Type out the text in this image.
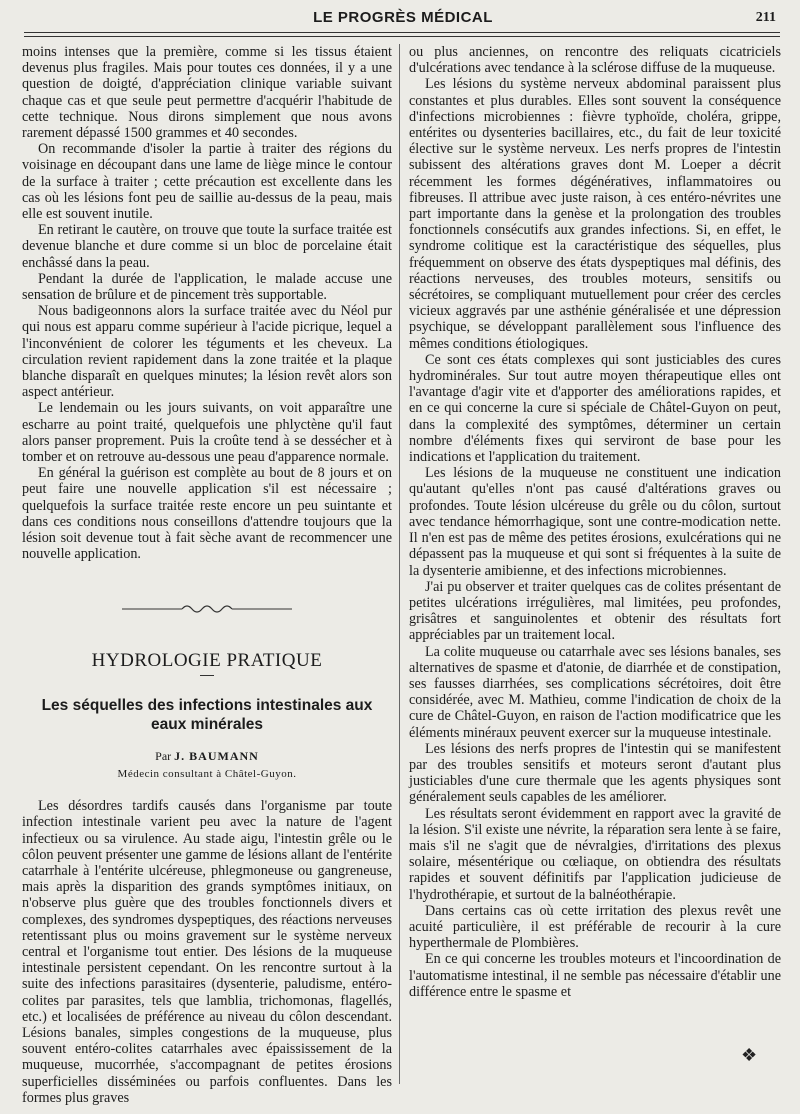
LE PROGRÈS MÉDICAL	211

moins intenses que la première, comme si les tissus étaient devenus plus fragiles. Mais pour toutes ces données, il y a une question de doigté, d'appréciation clinique variable suivant chaque cas et que seule peut permettre d'acquérir l'habitude de cette technique. Nous dirons simplement que nous avons rarement dépassé 1500 grammes et 40 secondes.

On recommande d'isoler la partie à traiter des régions du voisinage en découpant dans une lame de liège mince le contour de la surface à traiter ; cette précaution est excellente dans les cas où les lésions font peu de saillie au-dessus de la peau, mais elle est souvent inutile.

En retirant le cautère, on trouve que toute la surface traitée est devenue blanche et dure comme si un bloc de porcelaine était enchâssé dans la peau.

Pendant la durée de l'application, le malade accuse une sensation de brûlure et de pincement très supportable.

Nous badigeonnons alors la surface traitée avec du Néol pur qui nous est apparu comme supérieur à l'acide picrique, lequel a l'inconvénient de colorer les téguments et les cheveux. La circulation revient rapidement dans la zone traitée et la plaque blanche disparaît en quelques minutes; la lésion revêt alors son aspect antérieur.

Le lendemain ou les jours suivants, on voit apparaître une escharre au point traité, quelquefois une phlyctène qu'il faut alors panser proprement. Puis la croûte tend à se dessécher et à tomber et on retrouve au-dessous une peau d'apparence normale.

En général la guérison est complète au bout de 8 jours et on peut faire une nouvelle application s'il est nécessaire ; quelquefois la surface traitée reste encore un peu suintante et dans ces conditions nous conseillons d'attendre toujours que la lésion soit devenue tout à fait sèche avant de recommencer une nouvelle application.

HYDROLOGIE PRATIQUE
Les séquelles des infections intestinales aux eaux minérales
Par J. BAUMANN
Médecin consultant à Châtel-Guyon.

Les désordres tardifs causés dans l'organisme par toute infection intestinale varient peu avec la nature de l'agent infectieux ou sa virulence. Au stade aigu, l'intestin grêle ou le côlon peuvent présenter une gamme de lésions allant de l'entérite catarrhale à l'entérite ulcéreuse, phlegmoneuse ou gangreneuse, mais après la disparition des grands symptômes initiaux, on n'observe plus guère que des troubles fonctionnels divers et complexes, des syndromes dyspeptiques, des réactions nerveuses retentissant plus ou moins gravement sur le système nerveux central et l'organisme tout entier. Des lésions de la muqueuse intestinale persistent cependant. On les rencontre surtout à la suite des infections parasitaires (dysenterie, paludisme, entéro-colites par parasites, tels que lamblia, trichomonas, flagellés, etc.) et localisées de préférence au niveau du côlon descendant. Lésions banales, simples congestions de la muqueuse, plus souvent entéro-colites catarrhales avec épaississement de la muqueuse, mucorrhée, s'accompagnant de petites érosions superficielles disséminées ou parfois confluentes. Dans les formes plus graves

ou plus anciennes, on rencontre des reliquats cicatriciels d'ulcérations avec tendance à la sclérose diffuse de la muqueuse.

Les lésions du système nerveux abdominal paraissent plus constantes et plus durables. Elles sont souvent la conséquence d'infections microbiennes : fièvre typhoïde, choléra, grippe, entérites ou dysenteries bacillaires, etc., du fait de leur toxicité élective sur le système nerveux. Les nerfs propres de l'intestin subissent des altérations graves dont M. Loeper a décrit récemment les formes dégénératives, inflammatoires ou fibreuses. Il attribue avec juste raison, à ces entéro-névrites une part importante dans la genèse et la prolongation des troubles fonctionnels consécutifs aux grandes infections. Si, en effet, le syndrome colitique est la caractéristique des séquelles, plus fréquemment on observe des états dyspeptiques mal définis, des réactions nerveuses, des troubles moteurs, sensitifs ou sécrétoires, se compliquant mutuellement pour créer des cercles vicieux aggravés par une asthénie généralisée et une dépression psychique, se développant parallèlement sous l'influence des mêmes conditions étiologiques.

Ce sont ces états complexes qui sont justiciables des cures hydrominérales. Sur tout autre moyen thérapeutique elles ont l'avantage d'agir vite et d'apporter des améliorations rapides, et en ce qui concerne la cure si spéciale de Châtel-Guyon on peut, dans la complexité des symptômes, déterminer un certain nombre d'éléments fixes qui serviront de base pour les indications et l'application du traitement.

Les lésions de la muqueuse ne constituent une indication qu'autant qu'elles n'ont pas causé d'altérations graves ou profondes. Toute lésion ulcéreuse du grêle ou du côlon, surtout avec tendance hémorrhagique, sont une contre-modication nette. Il n'en est pas de même des petites érosions, exulcérations qui ne dépassent pas la muqueuse et qui sont si fréquentes à la suite de la dysenterie amibienne, et des infections microbiennes.

J'ai pu observer et traiter quelques cas de colites présentant de petites ulcérations irrégulières, mal limitées, peu profondes, grisâtres et sanguinolentes et obtenir des résultats fort appréciables par un traitement local.

La colite muqueuse ou catarrhale avec ses lésions banales, ses alternatives de spasme et d'atonie, de diarrhée et de constipation, ses fausses diarrhées, ses complications sécrétoires, doit être considérée, avec M. Mathieu, comme l'indication de choix de la cure de Châtel-Guyon, en raison de l'action modificatrice que les éléments minéraux peuvent exercer sur la muqueuse intestinale.

Les lésions des nerfs propres de l'intestin qui se manifestent par des troubles sensitifs et moteurs seront d'autant plus justiciables d'une cure thermale que les agents physiques sont généralement seuls capables de les améliorer.

Les résultats seront évidemment en rapport avec la gravité de la lésion. S'il existe une névrite, la réparation sera lente à se faire, mais s'il ne s'agit que de névralgies, d'irritations des plexus solaire, mésentérique ou cœliaque, on obtiendra des résultats rapides et souvent définitifs par l'application judicieuse de l'hydrothérapie, et surtout de la balnéothérapie.

Dans certains cas où cette irritation des plexus revêt une acuité particulière, il est préférable de recourir à la cure hyperthermale de Plombières.

En ce qui concerne les troubles moteurs et l'incoordination de l'automatisme intestinal, il ne semble pas nécessaire d'établir une différence entre le spasme et

❖
